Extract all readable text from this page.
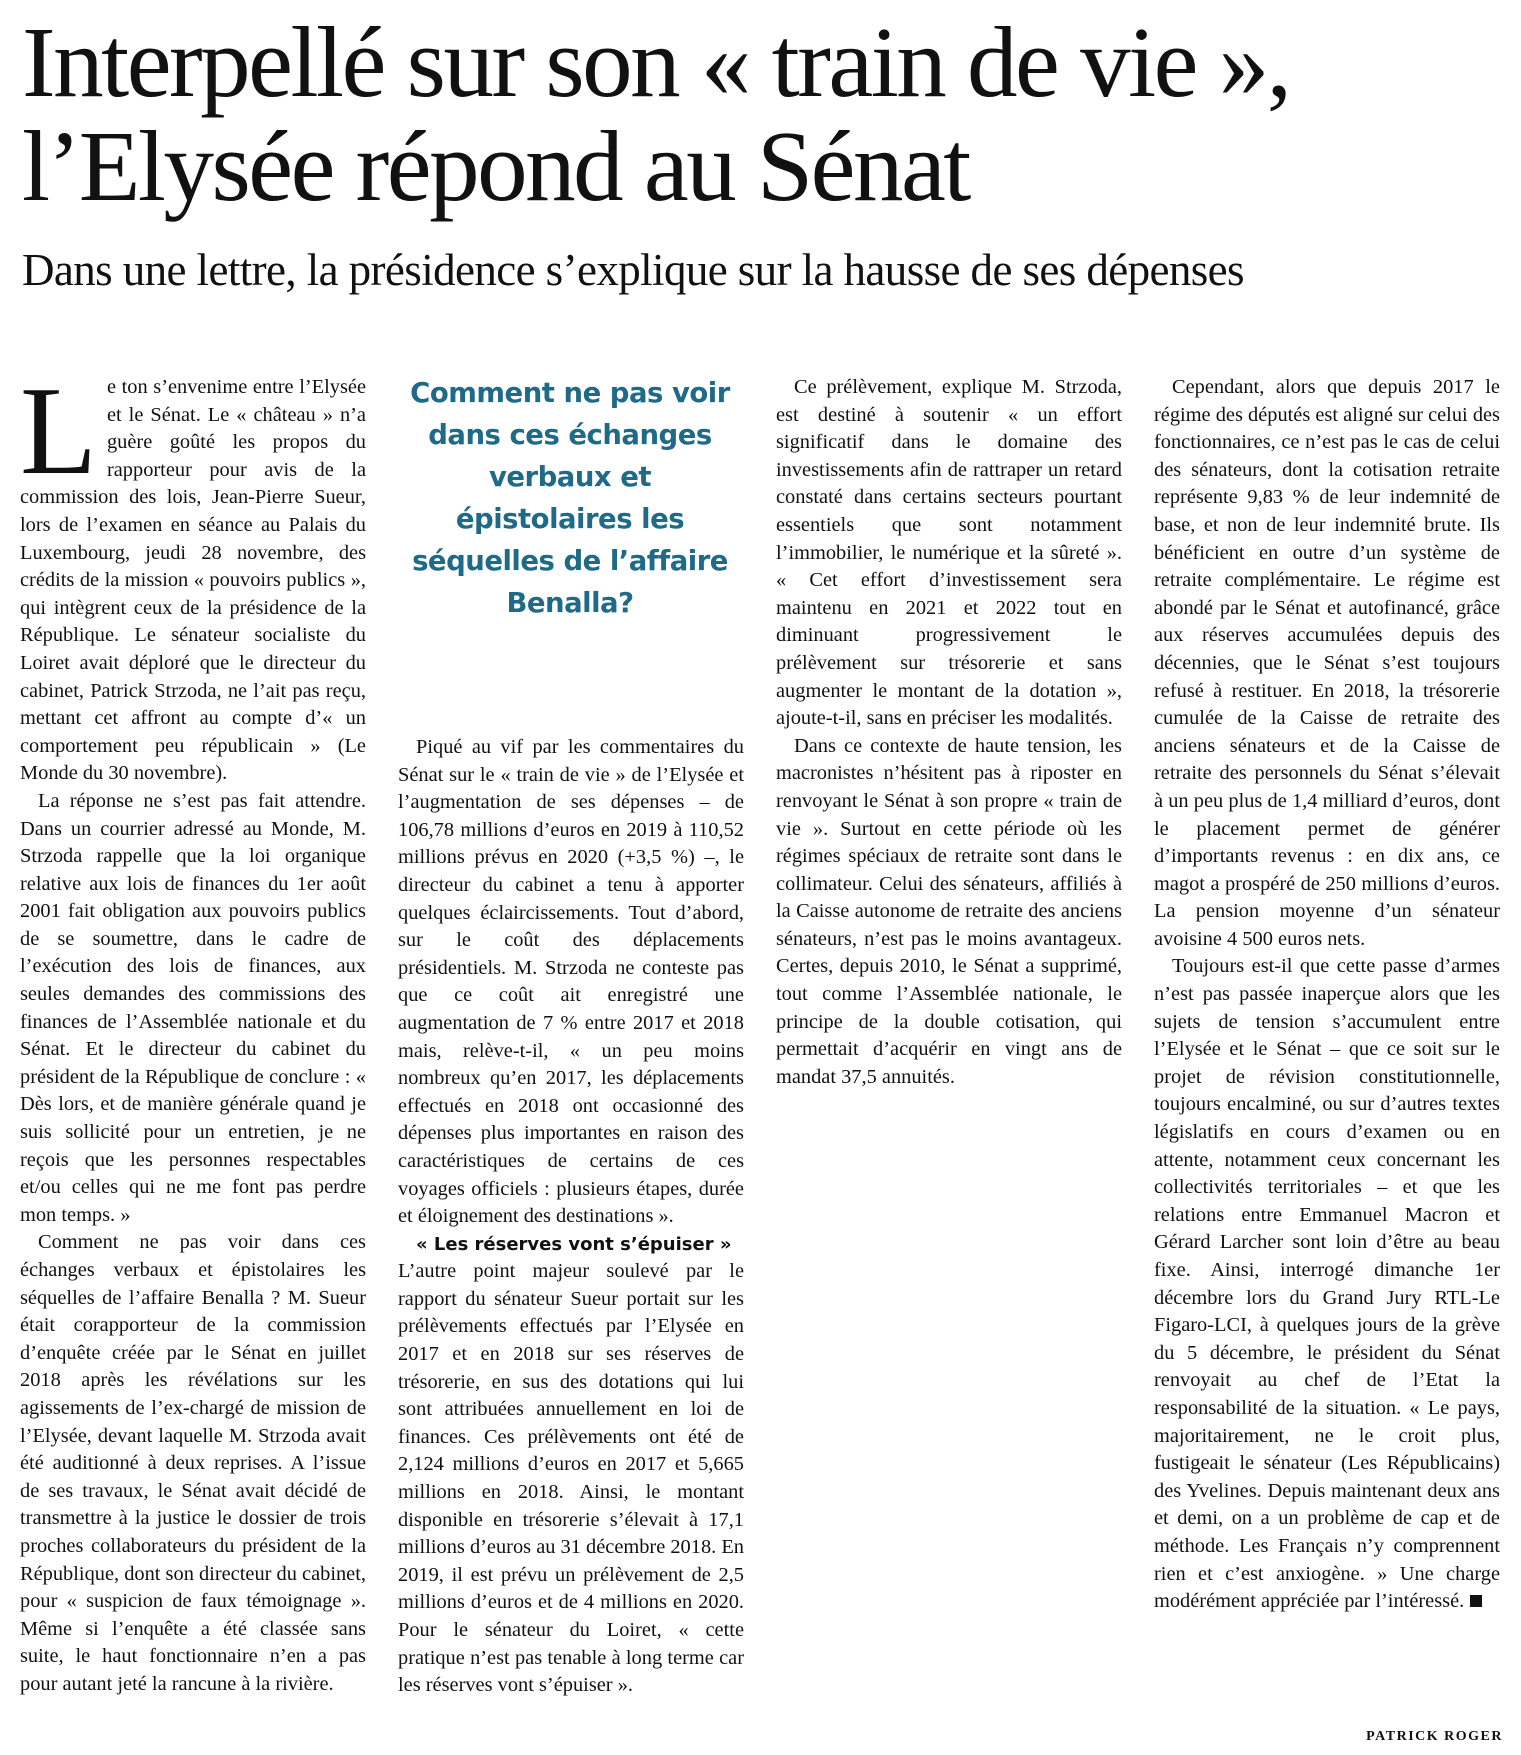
Interpellé sur son « train de vie », l’Elysée répond au Sénat
Dans une lettre, la présidence s’explique sur la hausse de ses dépenses
Comment ne pas voir dans ces échanges verbaux et épistolaires les séquelles de l’affaire Benalla?

Le ton s’envenime entre l’Elysée et le Sénat. Le « château » n’a guère goûté les propos du rapporteur pour avis de la commission des lois, Jean-Pierre Sueur, lors de l’examen en séance au Palais du Luxembourg, jeudi 28 novembre, des crédits de la mission « pouvoirs publics », qui intègrent ceux de la présidence de la République. Le sénateur socialiste du Loiret avait déploré que le directeur du cabinet, Patrick Strzoda, ne l’ait pas reçu, mettant cet affront au compte d’« un comportement peu républicain » (Le Monde du 30 novembre).

La réponse ne s’est pas fait attendre. Dans un courrier adressé au Monde, M. Strzoda rappelle que la loi organique relative aux lois de finances du 1er août 2001 fait obligation aux pouvoirs publics de se soumettre, dans le cadre de l’exécution des lois de finances, aux seules demandes des commissions des finances de l’Assemblée nationale et du Sénat. Et le directeur du cabinet du président de la République de conclure : « Dès lors, et de manière générale quand je suis sollicité pour un entretien, je ne reçois que les personnes respectables et/ou celles qui ne me font pas perdre mon temps. »

Comment ne pas voir dans ces échanges verbaux et épistolaires les séquelles de l’affaire Benalla ? M. Sueur était corapporteur de la commission d’enquête créée par le Sénat en juillet 2018 après les révélations sur les agissements de l’ex-chargé de mission de l’Elysée, devant laquelle M. Strzoda avait été auditionné à deux reprises. A l’issue de ses travaux, le Sénat avait décidé de transmettre à la justice le dossier de trois proches collaborateurs du président de la République, dont son directeur du cabinet, pour « suspicion de faux témoignage ». Même si l’enquête a été classée sans suite, le haut fonctionnaire n’en a pas pour autant jeté la rancune à la rivière.

Piqué au vif par les commentaires du Sénat sur le « train de vie » de l’Elysée et l’augmentation de ses dépenses – de 106,78 millions d’euros en 2019 à 110,52 millions prévus en 2020 (+3,5 %) –, le directeur du cabinet a tenu à apporter quelques éclaircissements. Tout d’abord, sur le coût des déplacements présidentiels. M. Strzoda ne conteste pas que ce coût ait enregistré une augmentation de 7 % entre 2017 et 2018 mais, relève-t-il, « un peu moins nombreux qu’en 2017, les déplacements effectués en 2018 ont occasionné des dépenses plus importantes en raison des caractéristiques de certains de ces voyages officiels : plusieurs étapes, durée et éloignement des destinations ».

« Les réserves vont s’épuiser »

L’autre point majeur soulevé par le rapport du sénateur Sueur portait sur les prélèvements effectués par l’Elysée en 2017 et en 2018 sur ses réserves de trésorerie, en sus des dotations qui lui sont attribuées annuellement en loi de finances. Ces prélèvements ont été de 2,124 millions d’euros en 2017 et 5,665 millions en 2018. Ainsi, le montant disponible en trésorerie s’élevait à 17,1 millions d’euros au 31 décembre 2018. En 2019, il est prévu un prélèvement de 2,5 millions d’euros et de 4 millions en 2020. Pour le sénateur du Loiret, « cette pratique n’est pas tenable à long terme car les réserves vont s’épuiser ».

Ce prélèvement, explique M. Strzoda, est destiné à soutenir « un effort significatif dans le domaine des investissements afin de rattraper un retard constaté dans certains secteurs pourtant essentiels que sont notamment l’immobilier, le numérique et la sûreté ». « Cet effort d’investissement sera maintenu en 2021 et 2022 tout en diminuant progressivement le prélèvement sur trésorerie et sans augmenter le montant de la dotation », ajoute-t-il, sans en préciser les modalités.

Dans ce contexte de haute tension, les macronistes n’hésitent pas à riposter en renvoyant le Sénat à son propre « train de vie ». Surtout en cette période où les régimes spéciaux de retraite sont dans le collimateur. Celui des sénateurs, affiliés à la Caisse autonome de retraite des anciens sénateurs, n’est pas le moins avantageux. Certes, depuis 2010, le Sénat a supprimé, tout comme l’Assemblée nationale, le principe de la double cotisation, qui permettait d’acquérir en vingt ans de mandat 37,5 annuités.

Cependant, alors que depuis 2017 le régime des députés est aligné sur celui des fonctionnaires, ce n’est pas le cas de celui des sénateurs, dont la cotisation retraite représente 9,83 % de leur indemnité de base, et non de leur indemnité brute. Ils bénéficient en outre d’un système de retraite complémentaire. Le régime est abondé par le Sénat et autofinancé, grâce aux réserves accumulées depuis des décennies, que le Sénat s’est toujours refusé à restituer. En 2018, la trésorerie cumulée de la Caisse de retraite des anciens sénateurs et de la Caisse de retraite des personnels du Sénat s’élevait à un peu plus de 1,4 milliard d’euros, dont le placement permet de générer d’importants revenus : en dix ans, ce magot a prospéré de 250 millions d’euros. La pension moyenne d’un sénateur avoisine 4 500 euros nets.

Toujours est-il que cette passe d’armes n’est pas passée inaperçue alors que les sujets de tension s’accumulent entre l’Elysée et le Sénat – que ce soit sur le projet de révision constitutionnelle, toujours encalminé, ou sur d’autres textes législatifs en cours d’examen ou en attente, notamment ceux concernant les collectivités territoriales – et que les relations entre Emmanuel Macron et Gérard Larcher sont loin d’être au beau fixe. Ainsi, interrogé dimanche 1er décembre lors du Grand Jury RTL-Le Figaro-LCI, à quelques jours de la grève du 5 décembre, le président du Sénat renvoyait au chef de l’Etat la responsabilité de la situation. « Le pays, majoritairement, ne le croit plus, fustigeait le sénateur (Les Républicains) des Yvelines. Depuis maintenant deux ans et demi, on a un problème de cap et de méthode. Les Français n’y comprennent rien et c’est anxiogène. » Une charge modérément appréciée par l’intéressé.

PATRICK ROGER
